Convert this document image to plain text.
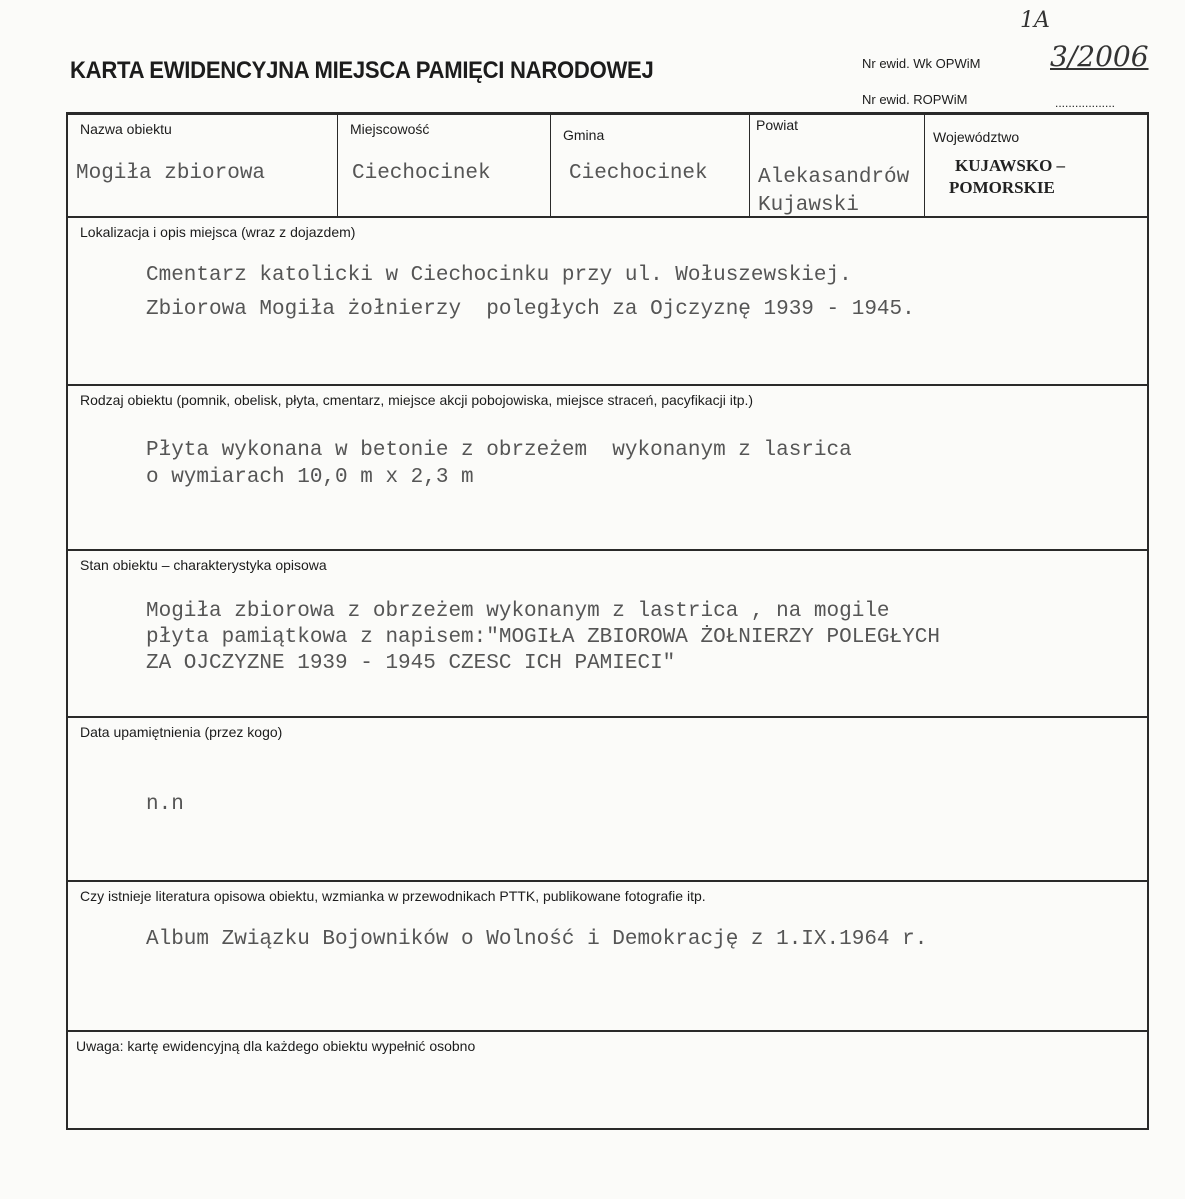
1A
KARTA EWIDENCYJNA MIEJSCA PAMIĘCI NARODOWEJ	Nr ewid. Wk OPWiM 3/2006
Nr ewid. ROPWiM	..................
Nazwa obiektu
Mogiła zbiorowa
Miejscowość
Ciechocinek
Gmina
Ciechocinek
Powiat
Alekasandrów
Kujawski
Województwo
KUJAWSKO –
POMORSKIE
Lokalizacja i opis miejsca (wraz z dojazdem)
Cmentarz katolicki w Ciechocinku przy ul. Wołuszewskiej.
Zbiorowa Mogiła żołnierzy  poległych za Ojczyznę 1939 - 1945.
Rodzaj obiektu (pomnik, obelisk, płyta, cmentarz, miejsce akcji pobojowiska, miejsce straceń, pacyfikacji itp.)
Płyta wykonana w betonie z obrzeżem  wykonanym z lasrica
o wymiarach 10,0 m x 2,3 m
Stan obiektu – charakterystyka opisowa
Mogiła zbiorowa z obrzeżem wykonanym z lastrica , na mogile
płyta pamiątkowa z napisem:"MOGIŁA ZBIOROWA ŻOŁNIERZY POLEGŁYCH
ZA OJCZYZNE 1939 - 1945 CZESC ICH PAMIECI"
Data upamiętnienia (przez kogo)
n.n
Czy istnieje literatura opisowa obiektu, wzmianka w przewodnikach PTTK, publikowane fotografie itp.
Album Związku Bojowników o Wolność i Demokrację z 1.IX.1964 r.
Uwaga: kartę ewidencyjną dla każdego obiektu wypełnić osobno
